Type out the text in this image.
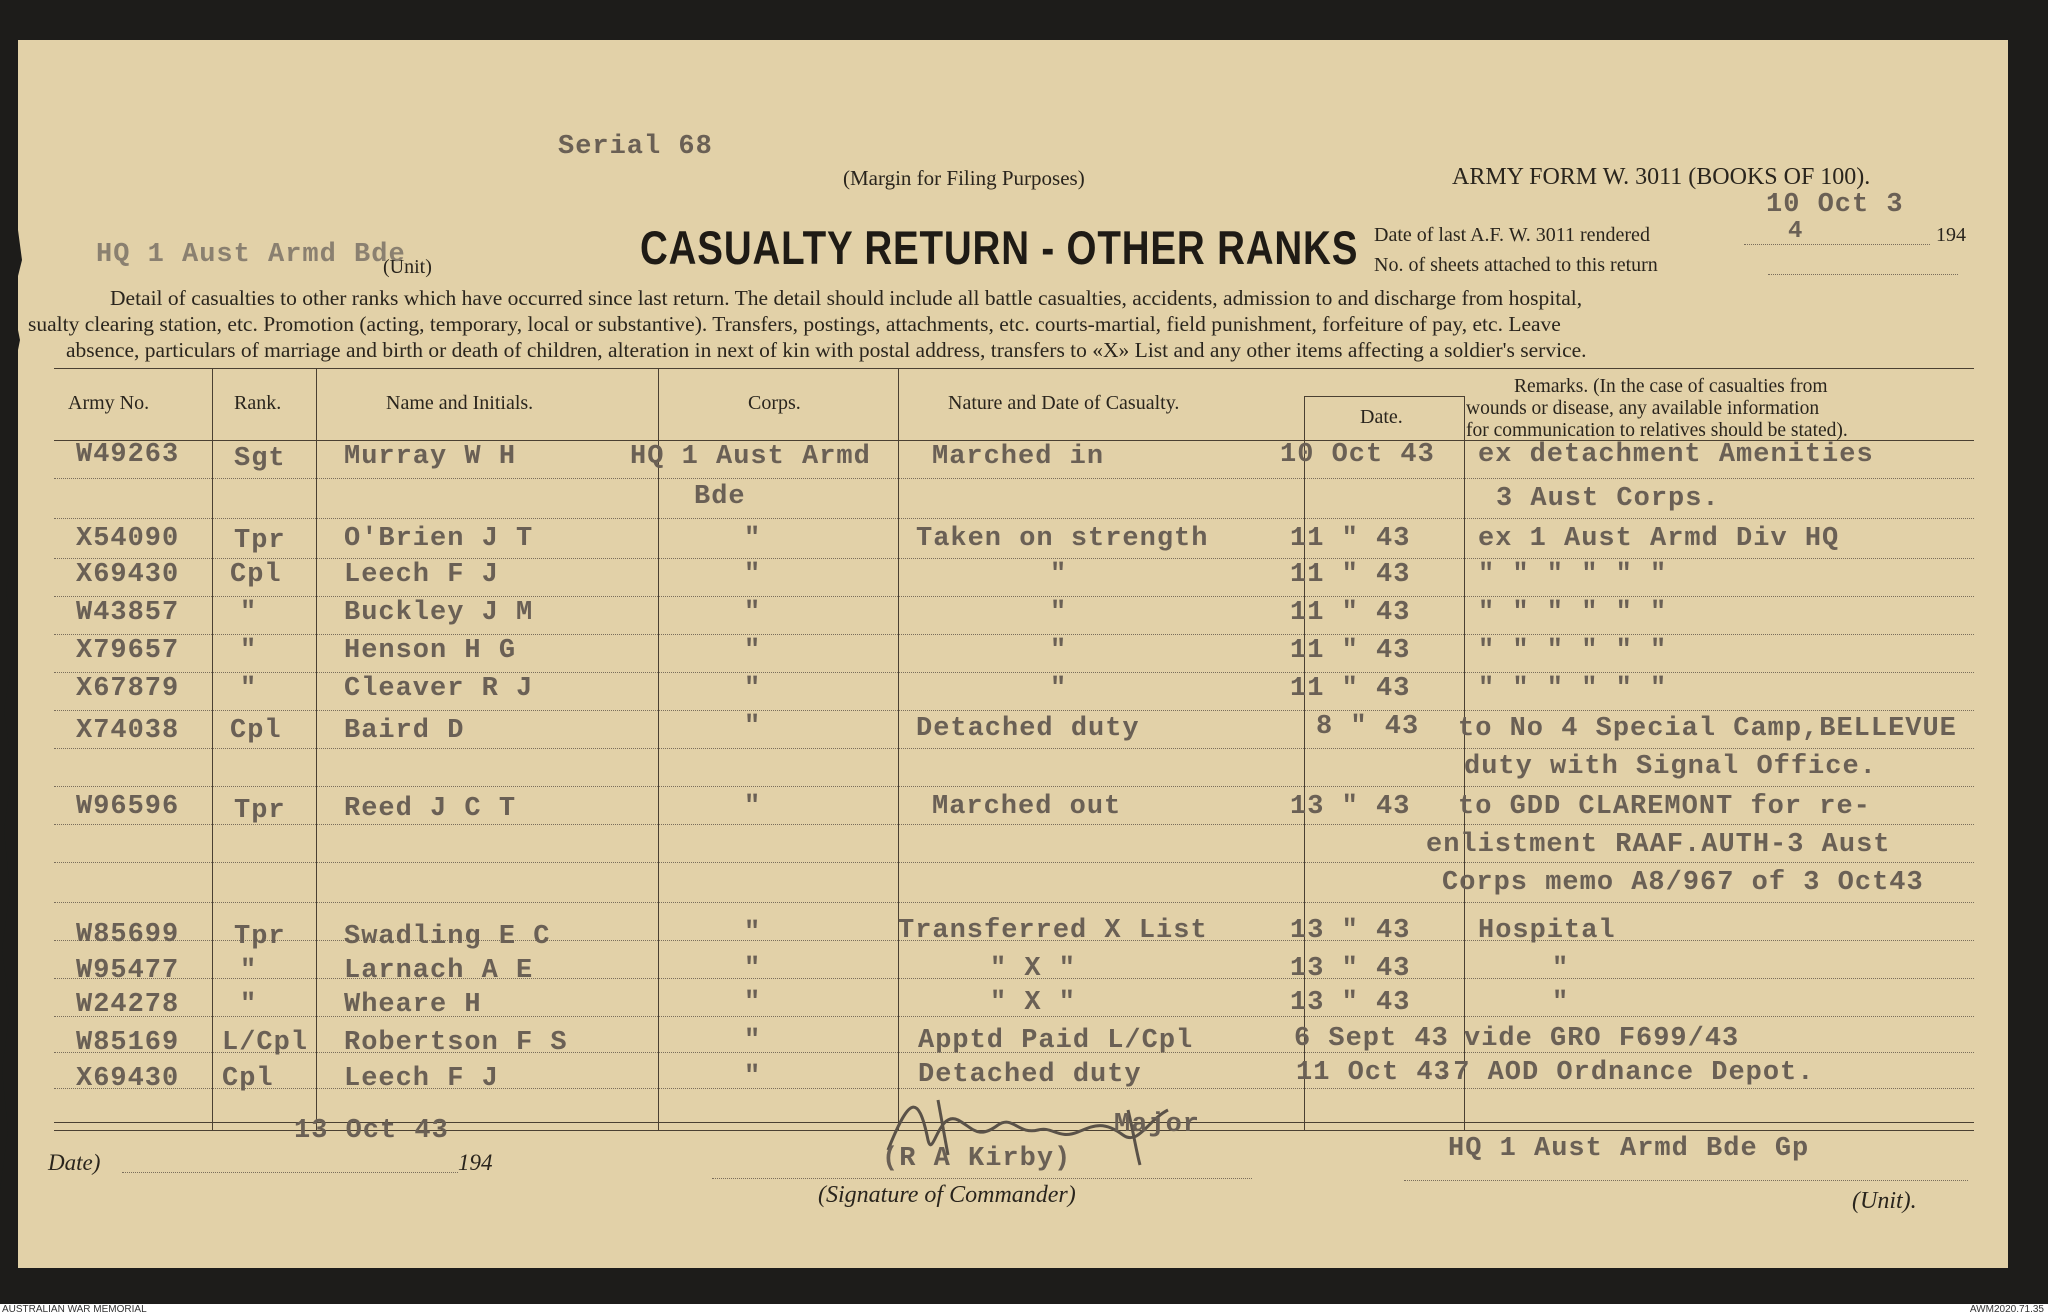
Serial 68
(Margin for Filing Purposes)	ARMY FORM W. 3011 (BOOKS OF 100).
HQ 1 Aust Armd Bde
(Unit)	CASUALTY RETURN - OTHER RANKS
10 Oct 3
Date of last A.F. W. 3011 rendered	4	194
No. of sheets attached to this return
Detail of casualties to other ranks which have occurred since last return. The detail should include all battle casualties, accidents, admission to and discharge from hospital,
sualty clearing station, etc. Promotion (acting, temporary, local or substantive). Transfers, postings, attachments, etc. courts-martial, field punishment, forfeiture of pay, etc. Leave
absence, particulars of marriage and birth or death of children, alteration in next of kin with postal address, transfers to «X» List and any other items affecting a soldier's service.
Army No.	Rank.	Name and Initials.	Corps.	Nature and Date of Casualty.
Date.
Remarks. (In the case of casualties from
wounds or disease, any available information
for communication to relatives should be stated).
W49263 Sgt Murray W H	HQ 1 Aust Armd
Bde
Marched in	10 Oct 43 ex detachment Amenities
3 Aust Corps.
X54090 Tpr O'Brien J T	"	Taken on strength	11 " 43	ex 1 Aust Armd Div HQ
X69430 Cpl Leech F J	"	"	11 " 43	" " " " " "
W43857 "	Buckley J M	"	"	11 " 43	" " " " " "
X79657 "	Henson H G	"	"	11 " 43	" " " " " "
X67879 "	Cleaver R J	"	"	11 " 43	" " " " " "
X74038 Cpl Baird D	"	Detached duty	8 " 43 to No 4 Special Camp,BELLEVUE
duty with Signal Office.
W96596 Tpr Reed J C T	"	Marched out	13 " 43 to GDD CLAREMONT for re-
enlistment RAAF.AUTH-3 Aust
Corps memo A8/967 of 3 Oct43
W85699 Tpr Swadling E C	"	Transferred X List	13 " 43	Hospital
W95477 "	Larnach A E	"	" X "	13 " 43	"
W24278 "	Wheare H	"	" X "	13 " 43	"
W85169 L/Cpl Robertson F S	"	Apptd Paid L/Cpl	6 Sept 43 vide GRO F699/43
X69430 Cpl	Leech F J	"	Detached duty	11 Oct 43
.7 AOD Ordnance Depot.
13 Oct 43
Date)	194
Major
(R A Kirby)
(Signature of Commander)
HQ 1 Aust Armd Bde Gp
(Unit).
AUSTRALIAN WAR MEMORIAL	AWM2020.71.35
